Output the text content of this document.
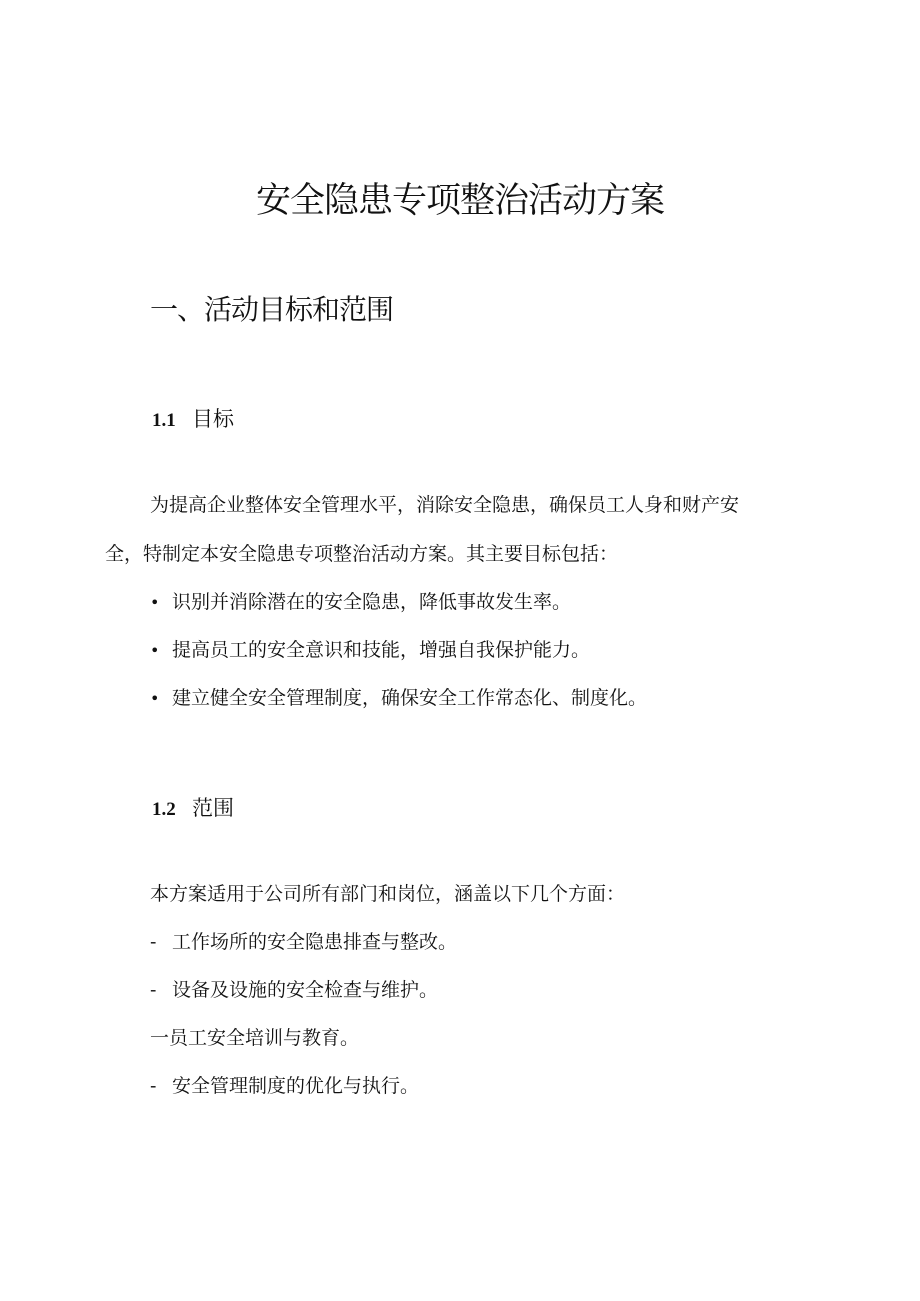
安全隐患专项整治活动方案
一、活动目标和范围
1.1 目标
为提高企业整体安全管理水平，消除安全隐患，确保员工人身和财产安
全，特制定本安全隐患专项整治活动方案。其主要目标包括：
• 识别并消除潜在的安全隐患，降低事故发生率。
• 提高员工的安全意识和技能，增强自我保护能力。
• 建立健全安全管理制度，确保安全工作常态化、制度化。
1.2 范围
本方案适用于公司所有部门和岗位，涵盖以下几个方面：
- 工作场所的安全隐患排查与整改。
- 设备及设施的安全检查与维护。
一员工安全培训与教育。
- 安全管理制度的优化与执行。
